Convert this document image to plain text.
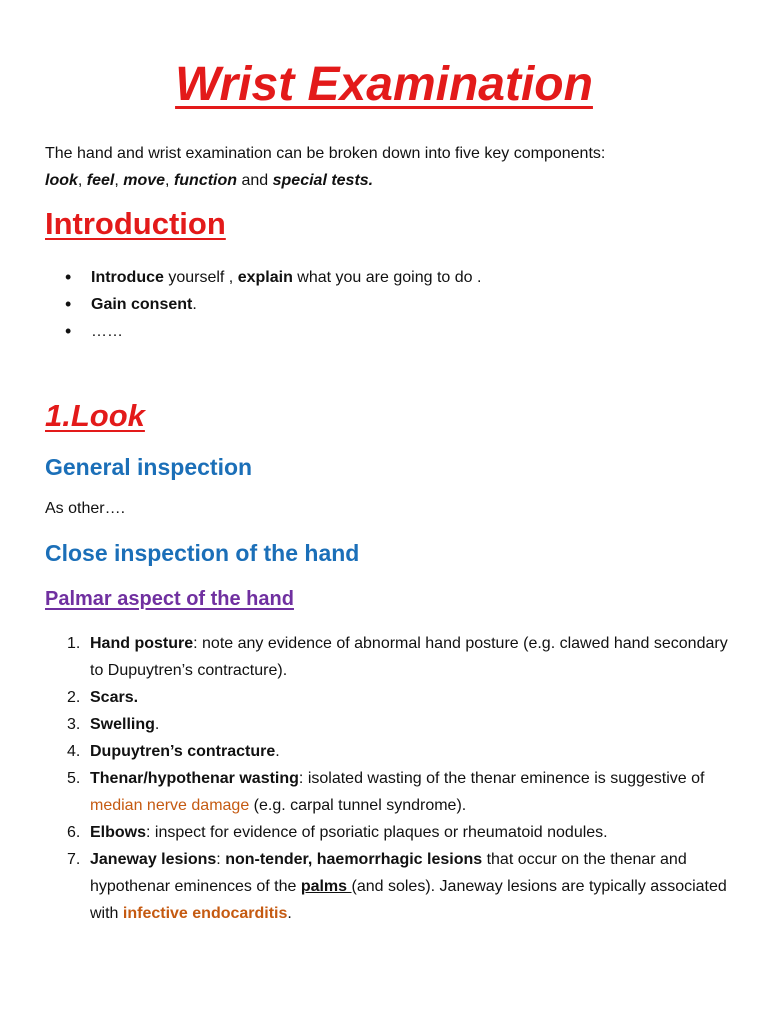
Wrist Examination

The hand and wrist examination can be broken down into five key components:
look, feel, move, function and special tests.

Introduction
• Introduce yourself , explain what you are going to do .
• Gain consent.
• ……
1.Look
General inspection

As other….

Close inspection of the hand
Palmar aspect of the hand
1. Hand posture: note any evidence of abnormal hand posture (e.g. clawed hand secondary to Dupuytren’s contracture).
2. Scars.
3. Swelling.
4. Dupuytren’s contracture.
5. Thenar/hypothenar wasting: isolated wasting of the thenar eminence is suggestive of median nerve damage (e.g. carpal tunnel syndrome).
6. Elbows: inspect for evidence of psoriatic plaques or rheumatoid nodules.
7. Janeway lesions: non-tender, haemorrhagic lesions that occur on the thenar and hypothenar eminences of the palms (and soles). Janeway lesions are typically associated with infective endocarditis.
